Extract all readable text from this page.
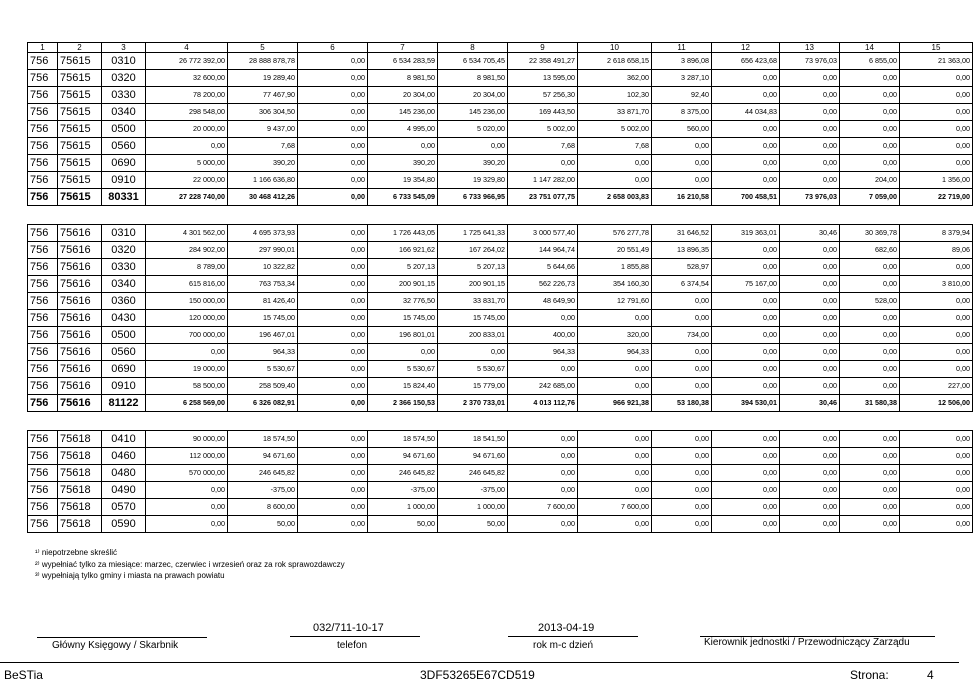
1	2	3	4	5	6	7	8	9	10	11	12	13	14	15
756	75615	0310	26 772 392,00	28 888 878,78	0,00	6 534 283,59	6 534 705,45	22 358 491,27	2 618 658,15	3 896,08	656 423,68	73 976,03	6 855,00	21 363,00
756	75615	0320	32 600,00	19 289,40	0,00	8 981,50	8 981,50	13 595,00	362,00	3 287,10	0,00	0,00	0,00	0,00
756	75615	0330	78 200,00	77 467,90	0,00	20 304,00	20 304,00	57 256,30	102,30	92,40	0,00	0,00	0,00	0,00
756	75615	0340	298 548,00	306 304,50	0,00	145 236,00	145 236,00	169 443,50	33 871,70	8 375,00	44 034,83	0,00	0,00	0,00
756	75615	0500	20 000,00	9 437,00	0,00	4 995,00	5 020,00	5 002,00	5 002,00	560,00	0,00	0,00	0,00	0,00
756	75615	0560	0,00	7,68	0,00	0,00	0,00	7,68	7,68	0,00	0,00	0,00	0,00	0,00
756	75615	0690	5 000,00	390,20	0,00	390,20	390,20	0,00	0,00	0,00	0,00	0,00	0,00	0,00
756	75615	0910	22 000,00	1 166 636,80	0,00	19 354,80	19 329,80	1 147 282,00	0,00	0,00	0,00	0,00	204,00	1 356,00
756	75615	80331	27 228 740,00	30 468 412,26	0,00	6 733 545,09	6 733 966,95	23 751 077,75	2 658 003,83	16 210,58	700 458,51	73 976,03	7 059,00	22 719,00

756	75616	0310	4 301 562,00	4 695 373,93	0,00	1 726 443,05	1 725 641,33	3 000 577,40	576 277,78	31 646,52	319 363,01	30,46	30 369,78	8 379,94
756	75616	0320	284 902,00	297 990,01	0,00	166 921,62	167 264,02	144 964,74	20 551,49	13 896,35	0,00	0,00	682,60	89,06
756	75616	0330	8 789,00	10 322,82	0,00	5 207,13	5 207,13	5 644,66	1 855,88	528,97	0,00	0,00	0,00	0,00
756	75616	0340	615 816,00	763 753,34	0,00	200 901,15	200 901,15	562 226,73	354 160,30	6 374,54	75 167,00	0,00	0,00	3 810,00
756	75616	0360	150 000,00	81 426,40	0,00	32 776,50	33 831,70	48 649,90	12 791,60	0,00	0,00	0,00	528,00	0,00
756	75616	0430	120 000,00	15 745,00	0,00	15 745,00	15 745,00	0,00	0,00	0,00	0,00	0,00	0,00	0,00
756	75616	0500	700 000,00	196 467,01	0,00	196 801,01	200 833,01	400,00	320,00	734,00	0,00	0,00	0,00	0,00
756	75616	0560	0,00	964,33	0,00	0,00	0,00	964,33	964,33	0,00	0,00	0,00	0,00	0,00
756	75616	0690	19 000,00	5 530,67	0,00	5 530,67	5 530,67	0,00	0,00	0,00	0,00	0,00	0,00	0,00
756	75616	0910	58 500,00	258 509,40	0,00	15 824,40	15 779,00	242 685,00	0,00	0,00	0,00	0,00	0,00	227,00
756	75616	81122	6 258 569,00	6 326 082,91	0,00	2 366 150,53	2 370 733,01	4 013 112,76	966 921,38	53 180,38	394 530,01	30,46	31 580,38	12 506,00

756	75618	0410	90 000,00	18 574,50	0,00	18 574,50	18 541,50	0,00	0,00	0,00	0,00	0,00	0,00	0,00
756	75618	0460	112 000,00	94 671,60	0,00	94 671,60	94 671,60	0,00	0,00	0,00	0,00	0,00	0,00	0,00
756	75618	0480	570 000,00	246 645,82	0,00	246 645,82	246 645,82	0,00	0,00	0,00	0,00	0,00	0,00	0,00
756	75618	0490	0,00	-375,00	0,00	-375,00	-375,00	0,00	0,00	0,00	0,00	0,00	0,00	0,00
756	75618	0570	0,00	8 600,00	0,00	1 000,00	1 000,00	7 600,00	7 600,00	0,00	0,00	0,00	0,00	0,00
756	75618	0590	0,00	50,00	0,00	50,00	50,00	0,00	0,00	0,00	0,00	0,00	0,00	0,00
¹⁾ niepotrzebne skreślić
²⁾ wypełniać tylko za miesiące: marzec, czerwiec i wrzesień oraz za rok sprawozdawczy
³⁾ wypełniają tylko gminy i miasta na prawach powiatu
Główny Księgowy / Skarbnik
032/711-10-17
telefon
2013-04-19
rok m-c dzień	Kierownik jednostki / Przewodniczący Zarządu
BeSTia	3DF53265E67CD519	Strona:	4
